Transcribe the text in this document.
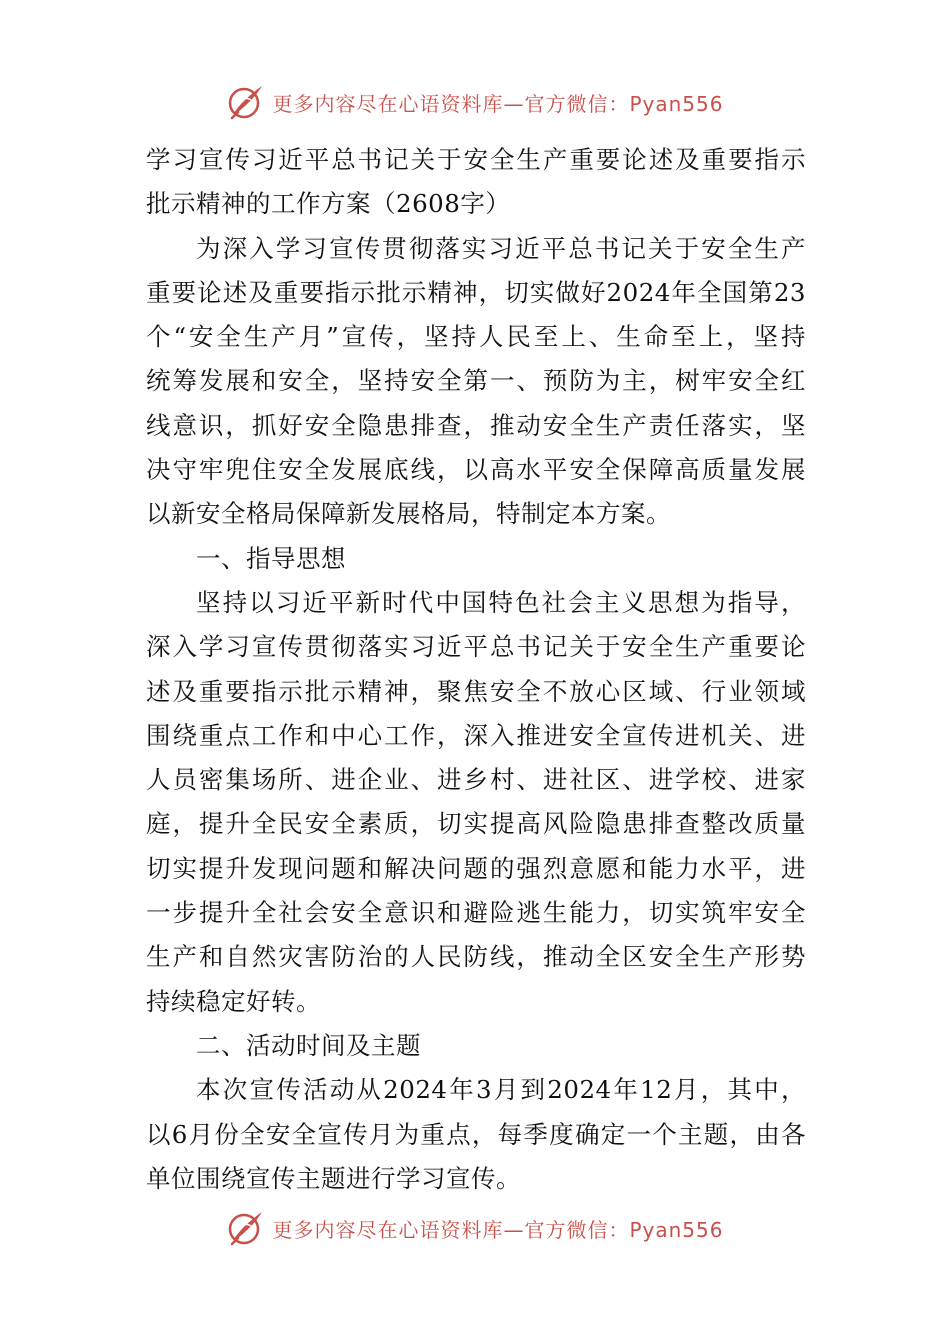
更多内容尽在心语资料库—官方微信：Pyan556
学习宣传习近平总书记关于安全生产重要论述及重要指示
批示精神的工作方案（2608字）
为深入学习宣传贯彻落实习近平总书记关于安全生产
重要论述及重要指示批示精神，切实做好2024年全国第23
个“安全生产月”宣传，坚持人民至上、生命至上，坚持
统筹发展和安全，坚持安全第一、预防为主，树牢安全红
线意识，抓好安全隐患排查，推动安全生产责任落实，坚
决守牢兜住安全发展底线，以高水平安全保障高质量发展
以新安全格局保障新发展格局，特制定本方案。
一、指导思想
坚持以习近平新时代中国特色社会主义思想为指导，
深入学习宣传贯彻落实习近平总书记关于安全生产重要论
述及重要指示批示精神，聚焦安全不放心区域、行业领域
围绕重点工作和中心工作，深入推进安全宣传进机关、进
人员密集场所、进企业、进乡村、进社区、进学校、进家
庭，提升全民安全素质，切实提高风险隐患排查整改质量
切实提升发现问题和解决问题的强烈意愿和能力水平，进
一步提升全社会安全意识和避险逃生能力，切实筑牢安全
生产和自然灾害防治的人民防线，推动全区安全生产形势
持续稳定好转。
二、活动时间及主题
本次宣传活动从2024年3月到2024年12月，其中，
以6月份全安全宣传月为重点，每季度确定一个主题，由各
单位围绕宣传主题进行学习宣传。
更多内容尽在心语资料库—官方微信：Pyan556
